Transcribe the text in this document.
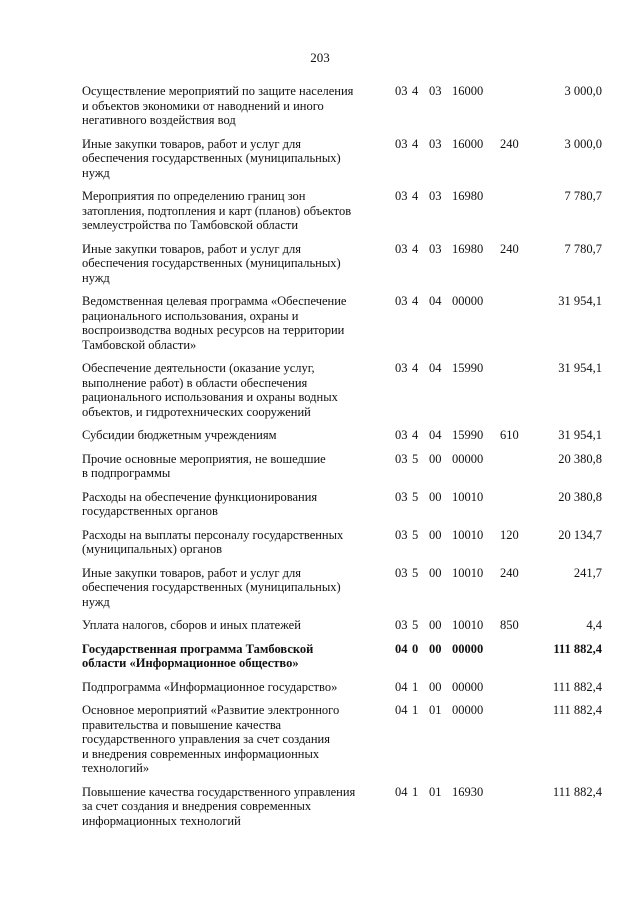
203
Осуществление мероприятий по защите населения
и объектов экономики от наводнений и иного
негативного воздействия вод
03 4 03 16000	3 000,0
Иные закупки товаров, работ и услуг для
обеспечения государственных (муниципальных)
нужд
03 4 03 16000	240	3 000,0
Мероприятия по определению границ зон
затопления, подтопления и карт (планов) объектов
землеустройства по Тамбовской области
03 4 03 16980	7 780,7
Иные закупки товаров, работ и услуг для
обеспечения государственных (муниципальных)
нужд
03 4 03 16980	240	7 780,7
Ведомственная целевая программа «Обеспечение
рационального использования, охраны и
воспроизводства водных ресурсов на территории
Тамбовской области»
03 4 04 00000	31 954,1
Обеспечение деятельности (оказание услуг,
выполнение работ) в области обеспечения
рационального использования и охраны водных
объектов, и гидротехнических сооружений
03 4 04 15990	31 954,1
Субсидии бюджетным учреждениям	03 4 04 15990	610	31 954,1
Прочие основные мероприятия, не вошедшие
в подпрограммы
03 5 00 00000	20 380,8
Расходы на обеспечение функционирования
государственных органов
03 5 00 10010	20 380,8
Расходы на выплаты персоналу государственных
(муниципальных) органов
03 5 00 10010	120	20 134,7
Иные закупки товаров, работ и услуг для
обеспечения государственных (муниципальных)
нужд
03 5 00 10010	240	241,7
Уплата налогов, сборов и иных платежей	03 5 00 10010	850	4,4
Государственная программа Тамбовской
области «Информационное общество»
04 0 00 00000	111 882,4
Подпрограмма «Информационное государство»	04 1 00 00000	111 882,4
Основное мероприятий «Развитие электронного
правительства и повышение качества
государственного управления за счет создания
и внедрения современных информационных
технологий»
04 1 01 00000	111 882,4
Повышение качества государственного управления
за счет создания и внедрения современных
информационных технологий
04 1 01 16930	111 882,4
